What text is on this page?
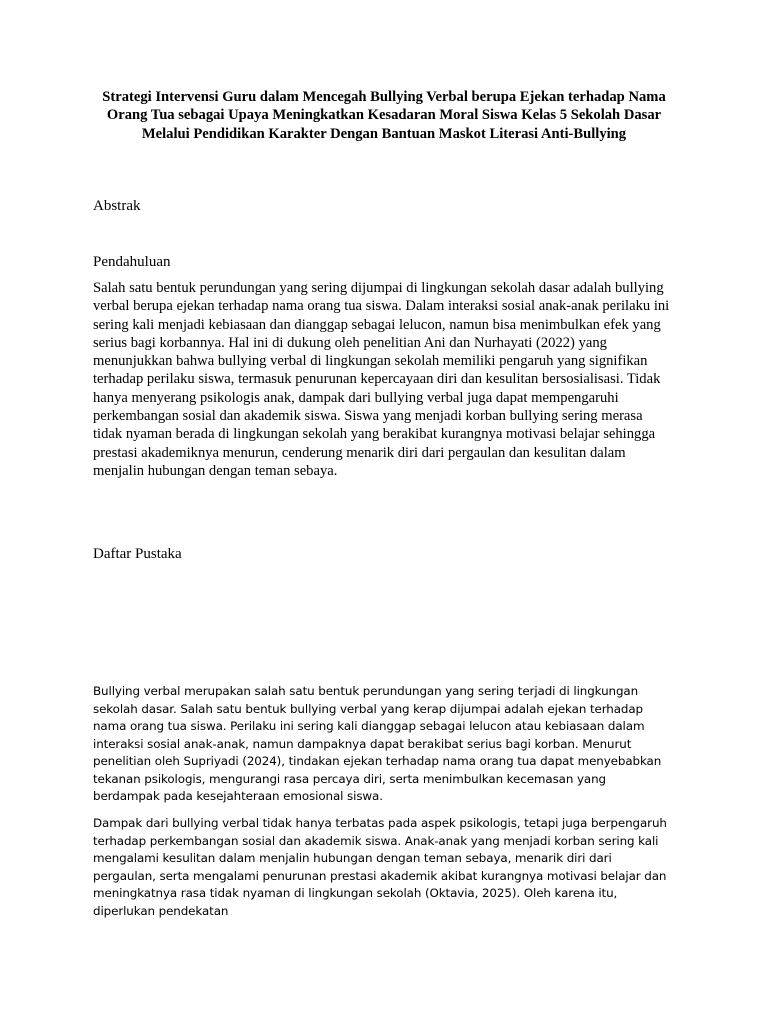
Strategi Intervensi Guru dalam Mencegah Bullying Verbal berupa Ejekan terhadap Nama Orang Tua sebagai Upaya Meningkatkan Kesadaran Moral Siswa Kelas 5 Sekolah Dasar Melalui Pendidikan Karakter Dengan Bantuan Maskot Literasi Anti-Bullying

Abstrak

Pendahuluan

Salah satu bentuk perundungan yang sering dijumpai di lingkungan sekolah dasar adalah bullying verbal berupa ejekan terhadap nama orang tua siswa. Dalam interaksi sosial anak-anak perilaku ini sering kali menjadi kebiasaan dan dianggap sebagai lelucon, namun bisa menimbulkan efek yang serius bagi korbannya. Hal ini di dukung oleh penelitian Ani dan Nurhayati (2022) yang menunjukkan bahwa bullying verbal di lingkungan sekolah memiliki pengaruh yang signifikan terhadap perilaku siswa, termasuk penurunan kepercayaan diri dan kesulitan bersosialisasi. Tidak hanya menyerang psikologis anak, dampak dari bullying verbal juga dapat mempengaruhi perkembangan sosial dan akademik siswa. Siswa yang menjadi korban bullying sering merasa tidak nyaman berada di lingkungan sekolah yang berakibat kurangnya motivasi belajar sehingga prestasi akademiknya menurun, cenderung menarik diri dari pergaulan dan kesulitan dalam menjalin hubungan dengan teman sebaya.

Daftar Pustaka

Bullying verbal merupakan salah satu bentuk perundungan yang sering terjadi di lingkungan sekolah dasar. Salah satu bentuk bullying verbal yang kerap dijumpai adalah ejekan terhadap nama orang tua siswa. Perilaku ini sering kali dianggap sebagai lelucon atau kebiasaan dalam interaksi sosial anak-anak, namun dampaknya dapat berakibat serius bagi korban. Menurut penelitian oleh Supriyadi (2024), tindakan ejekan terhadap nama orang tua dapat menyebabkan tekanan psikologis, mengurangi rasa percaya diri, serta menimbulkan kecemasan yang berdampak pada kesejahteraan emosional siswa.

Dampak dari bullying verbal tidak hanya terbatas pada aspek psikologis, tetapi juga berpengaruh terhadap perkembangan sosial dan akademik siswa. Anak-anak yang menjadi korban sering kali mengalami kesulitan dalam menjalin hubungan dengan teman sebaya, menarik diri dari pergaulan, serta mengalami penurunan prestasi akademik akibat kurangnya motivasi belajar dan meningkatnya rasa tidak nyaman di lingkungan sekolah (Oktavia, 2025). Oleh karena itu, diperlukan pendekatan
